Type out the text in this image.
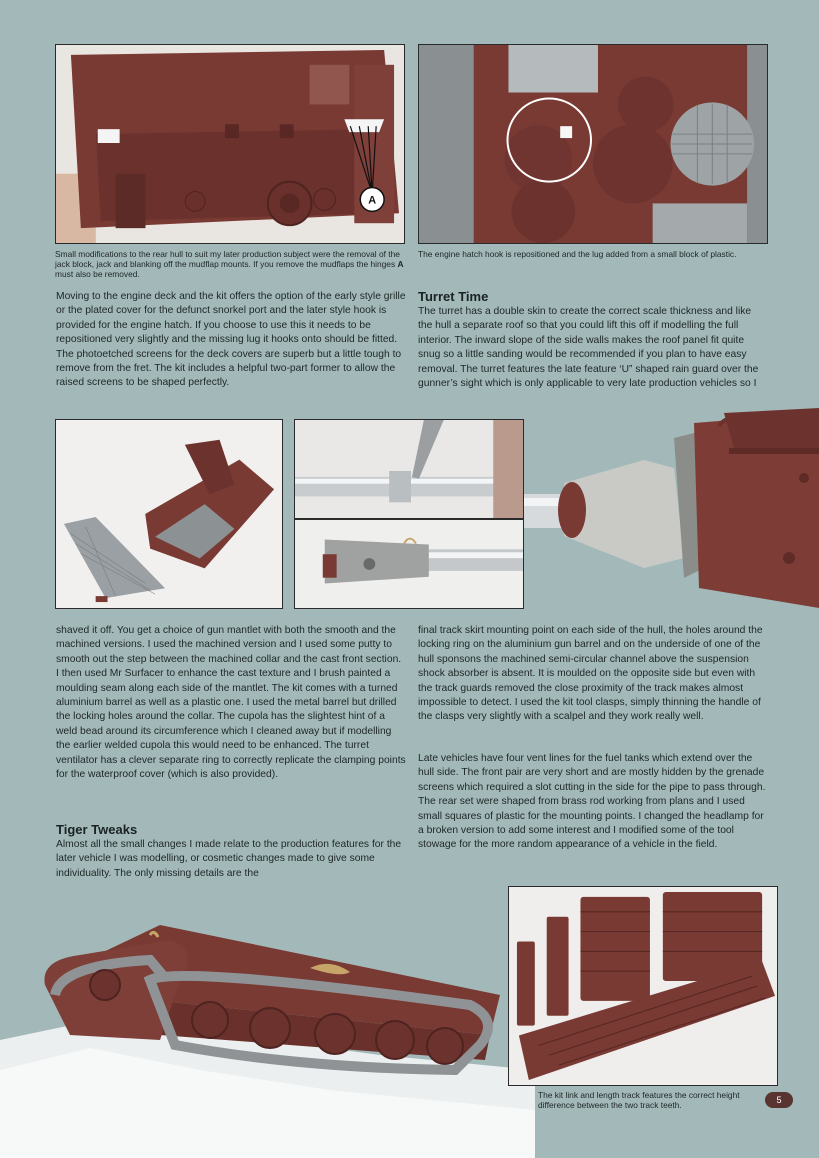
A

Small modifications to the rear hull to suit my later production subject were the removal of the jack block, jack and blanking off the mudflap mounts. If you remove the mudflaps the hinges A must also be removed.

The engine hatch hook is repositioned and the lug added from a small block of plastic.

Moving to the engine deck and the kit offers the option of the early style grille or the plated cover for the defunct snorkel port and the later style hook is provided for the engine hatch. If you choose to use this it needs to be repositioned very slightly and the missing lug it hooks onto should be fitted. The photoetched screens for the deck covers are superb but a little tough to remove from the fret. The kit includes a helpful two-part former to allow the raised screens to be shaped perfectly.

Turret Time

The turret has a double skin to create the correct scale thickness and like the hull a separate roof so that you could lift this off if modelling the full interior. The inward slope of the side walls makes the roof panel fit quite snug so a little sanding would be recommended if you plan to have easy removal. The turret features the late feature ‘U” shaped rain guard over the gunner’s sight which is only applicable to very late production vehicles so I

shaved it off. You get a choice of gun mantlet with both the smooth and the machined versions. I used the machined version and I used some putty to smooth out the step between the machined collar and the cast front section. I then used Mr Surfacer to enhance the cast texture and I brush painted a moulding seam along each side of the mantlet. The kit comes with a turned aluminium barrel as well as a plastic one. I used the metal barrel but drilled the locking holes around the collar. The cupola has the slightest hint of a weld bead around its circumference which I cleaned away but if modelling the earlier welded cupola this would need to be enhanced. The turret ventilator has a clever separate ring to correctly replicate the clamping points for the waterproof cover (which is also provided).

Tiger Tweaks

Almost all the small changes I made relate to the production features for the later vehicle I was modelling, or cosmetic changes made to give some individuality. The only missing details are the

final track skirt mounting point on each side of the hull, the holes around the locking ring on the aluminium gun barrel and on the underside of one of the hull sponsons the machined semi-circular channel above the suspension shock absorber is absent. It is moulded on the opposite side but even with the track guards removed the close proximity of the track makes almost impossible to detect. I used the kit tool clasps, simply thinning the handle of the clasps very slightly with a scalpel and they work really well.

Late vehicles have four vent lines for the fuel tanks which extend over the hull side. The front pair are very short and are mostly hidden by the grenade screens which required a slot cutting in the side for the pipe to pass through. The rear set were shaped from brass rod working from plans and I used small squares of plastic for the mounting points. I changed the headlamp for a broken version to add some interest and I modified some of the tool stowage for the more random appearance of a vehicle in the field.

The kit link and length track features the correct height difference between the two track teeth.	5
